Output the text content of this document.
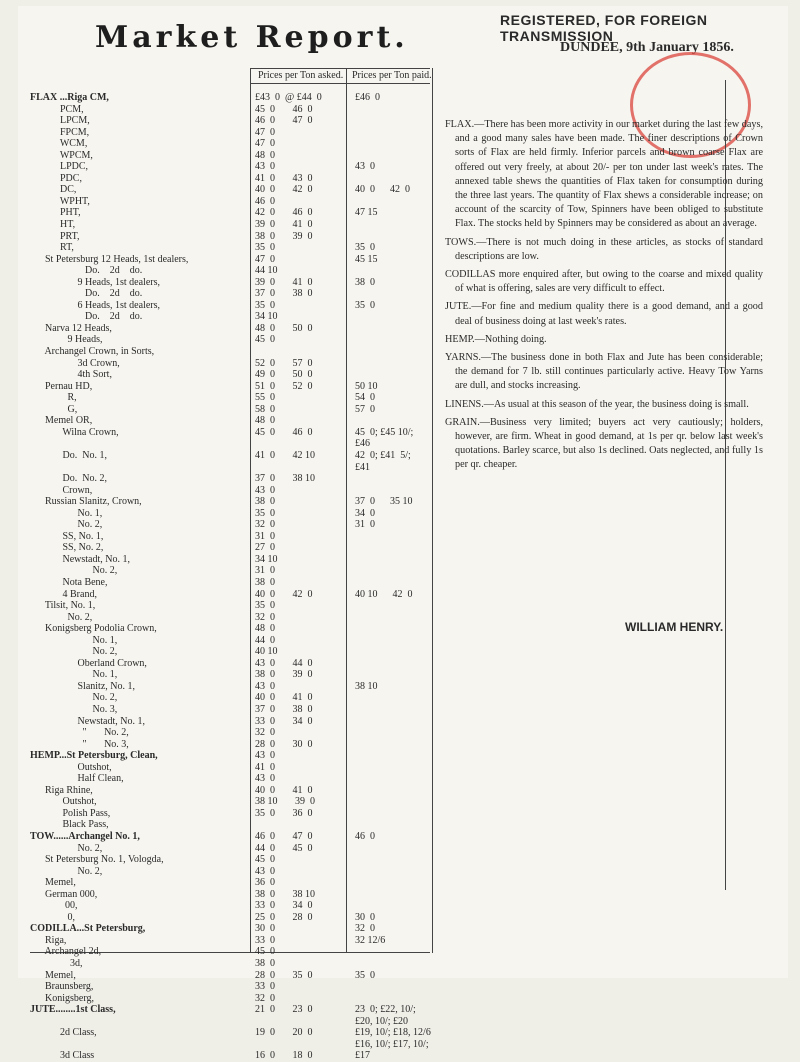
Market Report.	REGISTERED, FOR FOREIGN TRANSMISSION
DUNDEE, 9th January 1856.
Prices per Ton asked. Prices per Ton paid.
FLAX ...Riga CM,	£43  0  @ £44  0	£46  0
PCM,	45  0       46  0
LPCM,	46  0       47  0
FPCM,	47  0
WCM,	47  0
WPCM,	48  0
LPDC,	43  0	43  0
PDC,	41  0       43  0
DC,	40  0       42  0	40  0      42  0
WPHT,	46  0
PHT,	42  0       46  0	47 15
HT,	39  0       41  0
PRT,	38  0       39  0
RT,	35  0	35  0
St Petersburg 12 Heads, 1st dealers,	47  0	45 15
Do.    2d    do.	44 10
9 Heads, 1st dealers,	39  0       41  0	38  0
Do.    2d    do.	37  0       38  0
6 Heads, 1st dealers,	35  0	35  0
Do.    2d    do.	34 10
Narva 12 Heads,	48  0       50  0
9 Heads,	45  0
Archangel Crown, in Sorts,
3d Crown,	52  0       57  0
4th Sort,	49  0       50  0
Pernau HD,	51  0       52  0	50 10
R,	55  0	54  0
G,	58  0	57  0
Memel OR,	48  0
Wilna Crown,	45  0       46  0	45  0; £45 10/;
£46
Do.  No. 1,	41  0       42 10	42  0; £41  5/;
£41
Do.  No. 2,	37  0       38 10
Crown,	43  0
Russian Slanitz, Crown,	38  0	37  0      35 10
No. 1,	35  0	34  0
No. 2,	32  0	31  0
SS, No. 1,	31  0
SS, No. 2,	27  0
Newstadt, No. 1,	34 10
No. 2,	31  0
Nota Bene,	38  0
4 Brand,	40  0       42  0	40 10      42  0
Tilsit, No. 1,	35  0
No. 2,	32  0
Konigsberg Podolia Crown,	48  0
No. 1,	44  0
No. 2,	40 10
Oberland Crown,	43  0       44  0
No. 1,	38  0       39  0
Slanitz, No. 1,	43  0	38 10
No. 2,	40  0       41  0
No. 3,	37  0       38  0
Newstadt, No. 1,	33  0       34  0
"       No. 2,	32  0
"       No. 3,	28  0       30  0
HEMP...St Petersburg, Clean,	43  0
Outshot,	41  0
Half Clean,	43  0
Riga Rhine,	40  0       41  0
Outshot,	38 10       39  0
Polish Pass,	35  0       36  0
Black Pass,
TOW......Archangel No. 1,	46  0       47  0	46  0
No. 2,	44  0       45  0
St Petersburg No. 1, Vologda,	45  0
No. 2,	43  0
Memel,	36  0
German 000,	38  0       38 10
00,	33  0       34  0
0,	25  0       28  0	30  0
CODILLA...St Petersburg,	30  0	32  0
Riga,	33  0	32 12/6
Archangel 2d,	45  0
3d,	38  0
Memel,	28  0       35  0	35  0
Braunsberg,	33  0
Konigsberg,	32  0
JUTE........1st Class,	21  0       23  0	23  0; £22, 10/;
£20, 10/; £20
2d Class,	19  0       20  0	£19, 10/; £18, 12/6
£16, 10/; £17, 10/;
3d Class	16  0       18  0	£17

FLAX.—There has been more activity in our market during the last few days, and a good many sales have been made. The finer descriptions of Crown sorts of Flax are held firmly. Inferior parcels and brown coarse Flax are offered out very freely, at about 20/- per ton under last week's rates. The annexed table shews the quantities of Flax taken for consumption during the three last years. The quantity of Flax shews a considerable increase; on account of the scarcity of Tow, Spinners have been obliged to substitute Flax. The stocks held by Spinners may be considered as about an average.

TOWS.—There is not much doing in these articles, as stocks of standard descriptions are low.

CODILLAS more enquired after, but owing to the coarse and mixed quality of what is offering, sales are very difficult to effect.

JUTE.—For fine and medium quality there is a good demand, and a good deal of business doing at last week's rates.

HEMP.—Nothing doing.

YARNS.—The business done in both Flax and Jute has been considerable; the demand for 7 lb. still continues particularly active. Heavy Tow Yarns are dull, and stocks increasing.

LINENS.—As usual at this season of the year, the business doing is small.

GRAIN.—Business very limited; buyers act very cautiously; holders, however, are firm. Wheat in good demand, at 1s per qr. below last week's quotations. Barley scarce, but also 1s declined. Oats neglected, and fully 1s per qr. cheaper.

WILLIAM HENRY.
